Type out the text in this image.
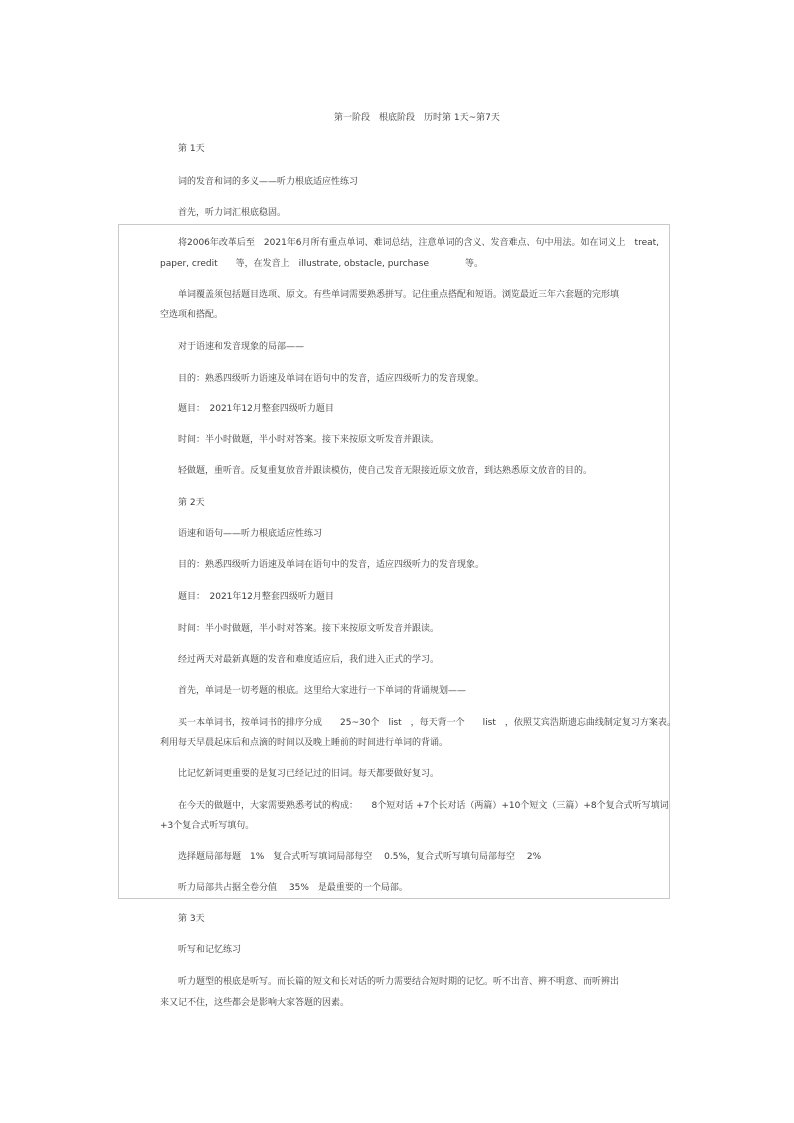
第一阶段　根底阶段　历时第 1天~第7天
第 1天
词的发音和词的多义——听力根底适应性练习
首先，听力词汇根底稳固。
将2006年改革后至　2021年6月所有重点单词、难词总结，注意单词的含义、发音难点、句中用法。如在词义上　treat,
paper, credit　　等，在发音上　illustrate, obstacle, purchase　　　　等。
单词覆盖须包括题目选项、原文。有些单词需要熟悉拼写。记住重点搭配和短语。浏览最近三年六套题的完形填
空选项和搭配。
对于语速和发音现象的局部——
目的：熟悉四级听力语速及单词在语句中的发音，适应四级听力的发音现象。
题目：　2021年12月整套四级听力题目
时间：半小时做题，半小时对答案。接下来按原文听发音并跟读。
轻做题，重听音。反复重复放音并跟读模仿，使自己发音无限接近原文放音，到达熟悉原文放音的目的。
第 2天
语速和语句——听力根底适应性练习
目的：熟悉四级听力语速及单词在语句中的发音，适应四级听力的发音现象。
题目：　2021年12月整套四级听力题目
时间：半小时做题，半小时对答案。接下来按原文听发音并跟读。
经过两天对最新真题的发音和难度适应后，我们进入正式的学习。
首先，单词是一切考题的根底。这里给大家进行一下单词的背诵规划——
买一本单词书，按单词书的排序分成　　25~30个　list　，每天背一个　　list　，依照艾宾浩斯遗忘曲线制定复习方案表。
利用每天早晨起床后和点滴的时间以及晚上睡前的时间进行单词的背诵。
比记忆新词更重要的是复习已经记过的旧词。每天都要做好复习。
在今天的做题中，大家需要熟悉考试的构成：　　8个短对话 +7个长对话（两篇）+10个短文（三篇）+8个复合式听写填词
+3个复合式听写填句。
选择题局部每题　1%　复合式听写填词局部每空　 0.5%，复合式听写填句局部每空　 2%
听力局部共占据全卷分值　 35%　是最重要的一个局部。
第 3天
听写和记忆练习
听力题型的根底是听写。而长篇的短文和长对话的听力需要结合短时期的记忆。听不出音、辨不明意、而听辨出
来又记不住，这些都会是影响大家答题的因素。
